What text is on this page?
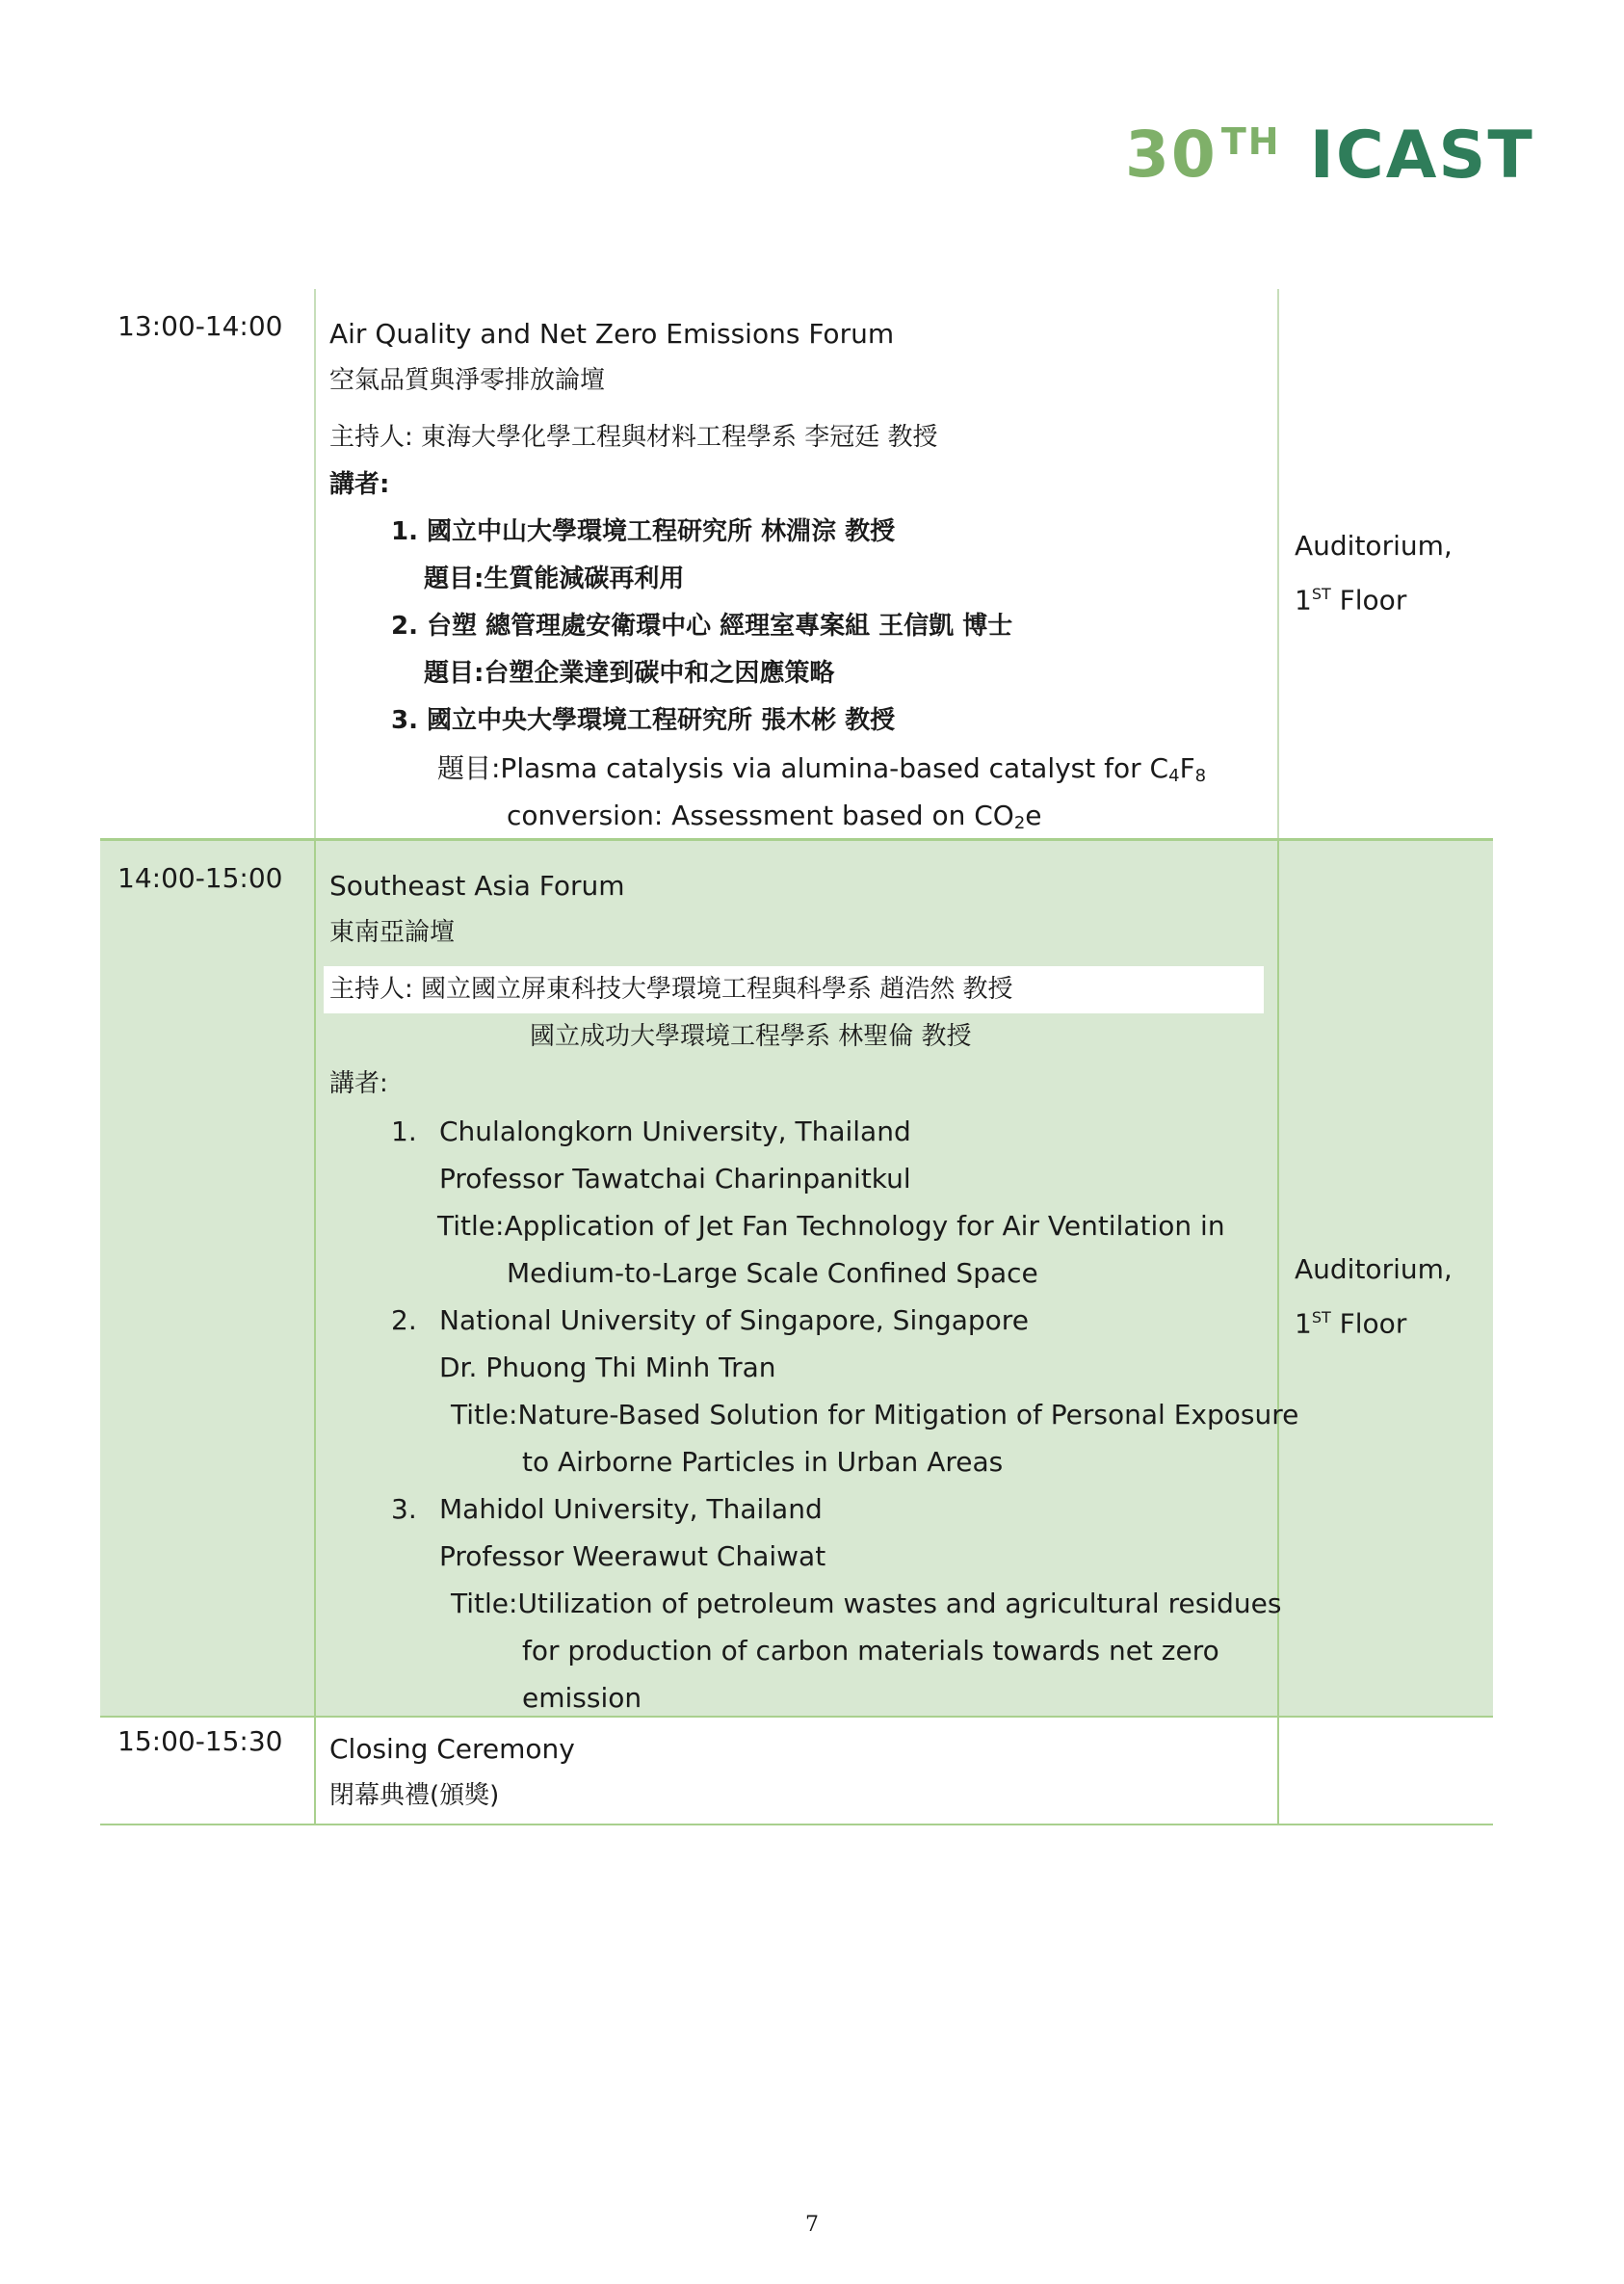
30 TH ICAST
13:00-14:00 Air Quality and Net Zero Emissions Forum
空氣品質與淨零排放論壇
主持人: 東海大學化學工程與材料工程學系 李冠廷 教授
講者:
1. 國立中山大學環境工程研究所 林淵淙 教授
題目:生質能減碳再利用
2. 台塑 總管理處安衛環中心 經理室專案組 王信凱 博士
題目:台塑企業達到碳中和之因應策略
3. 國立中央大學環境工程研究所 張木彬 教授
題目:Plasma catalysis via alumina-based catalyst for $C_4F_8$
conversion: Assessment based on $CO_2e$
Auditorium,
1ST Floor
14:00-15:00 Southeast Asia Forum
東南亞論壇
主持人: 國立國立屏東科技大學環境工程與科學系 趙浩然 教授
國立成功大學環境工程學系 林聖倫 教授
講者:
1. Chulalongkorn University, Thailand
Professor Tawatchai Charinpanitkul
Title:Application of Jet Fan Technology for Air Ventilation in
Medium-to-Large Scale Confined Space
2. National University of Singapore, Singapore
Dr. Phuong Thi Minh Tran
Title:Nature-Based Solution for Mitigation of Personal Exposure
to Airborne Particles in Urban Areas
3. Mahidol University, Thailand
Professor Weerawut Chaiwat
Title:Utilization of petroleum wastes and agricultural residues
for production of carbon materials towards net zero
emission
Auditorium,
1ST Floor
15:00-15:30 Closing Ceremony
閉幕典禮(頒獎)
7
